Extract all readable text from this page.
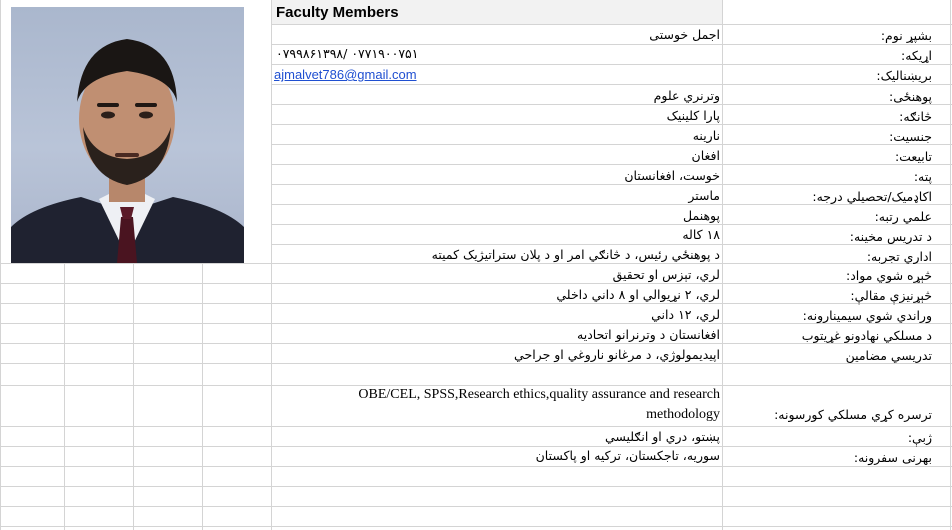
Faculty Members
بشپړ نوم:
اجمل خوستی
اړيکه:
۰۷۹۹۸۶۱۳۹۸/ ۰۷۷۱۹۰۰۷۵۱
بريښناليک:
ajmalvet786@gmail.com
پوهنځی:
وترنري علوم
څانګه:
پارا کلينيک
جنسيت:
نارينه
تابيعت:
افغان
پته:
خوست، افغانستان
اکاډميک/تحصيلي درجه:
ماستر
علمي رتبه:
پوهنمل
د تدريس مخينه:
۱۸ کاله
اداري تجربه:
د پوهنځي رئيس، د څانګي امر او د پلان ستراتيژيک کميته
څېړه شوي مواد:
لري، تېزس او تحقيق
څېړنيزې مقالې:
لري، ۲ نړيوالي او ۸ داني داخلي
وراندي شوي سيمينارونه:
لري، ۱۲ داني
د مسلکي نهادونو غړيتوب
افغانستان د وترنرانو اتحاديه
تدريسي مضامين
اپيديمولوژي، د مرغانو ناروغي او جراحي
ترسره کړي مسلکي کورسونه:
OBE/CEL, SPSS,Research ethics,quality assurance and research
methodology
ژبې:
پښتو، دري او انګليسي
بهرنی سفرونه:
سوريه، تاجکستان، ترکيه او پاکستان
